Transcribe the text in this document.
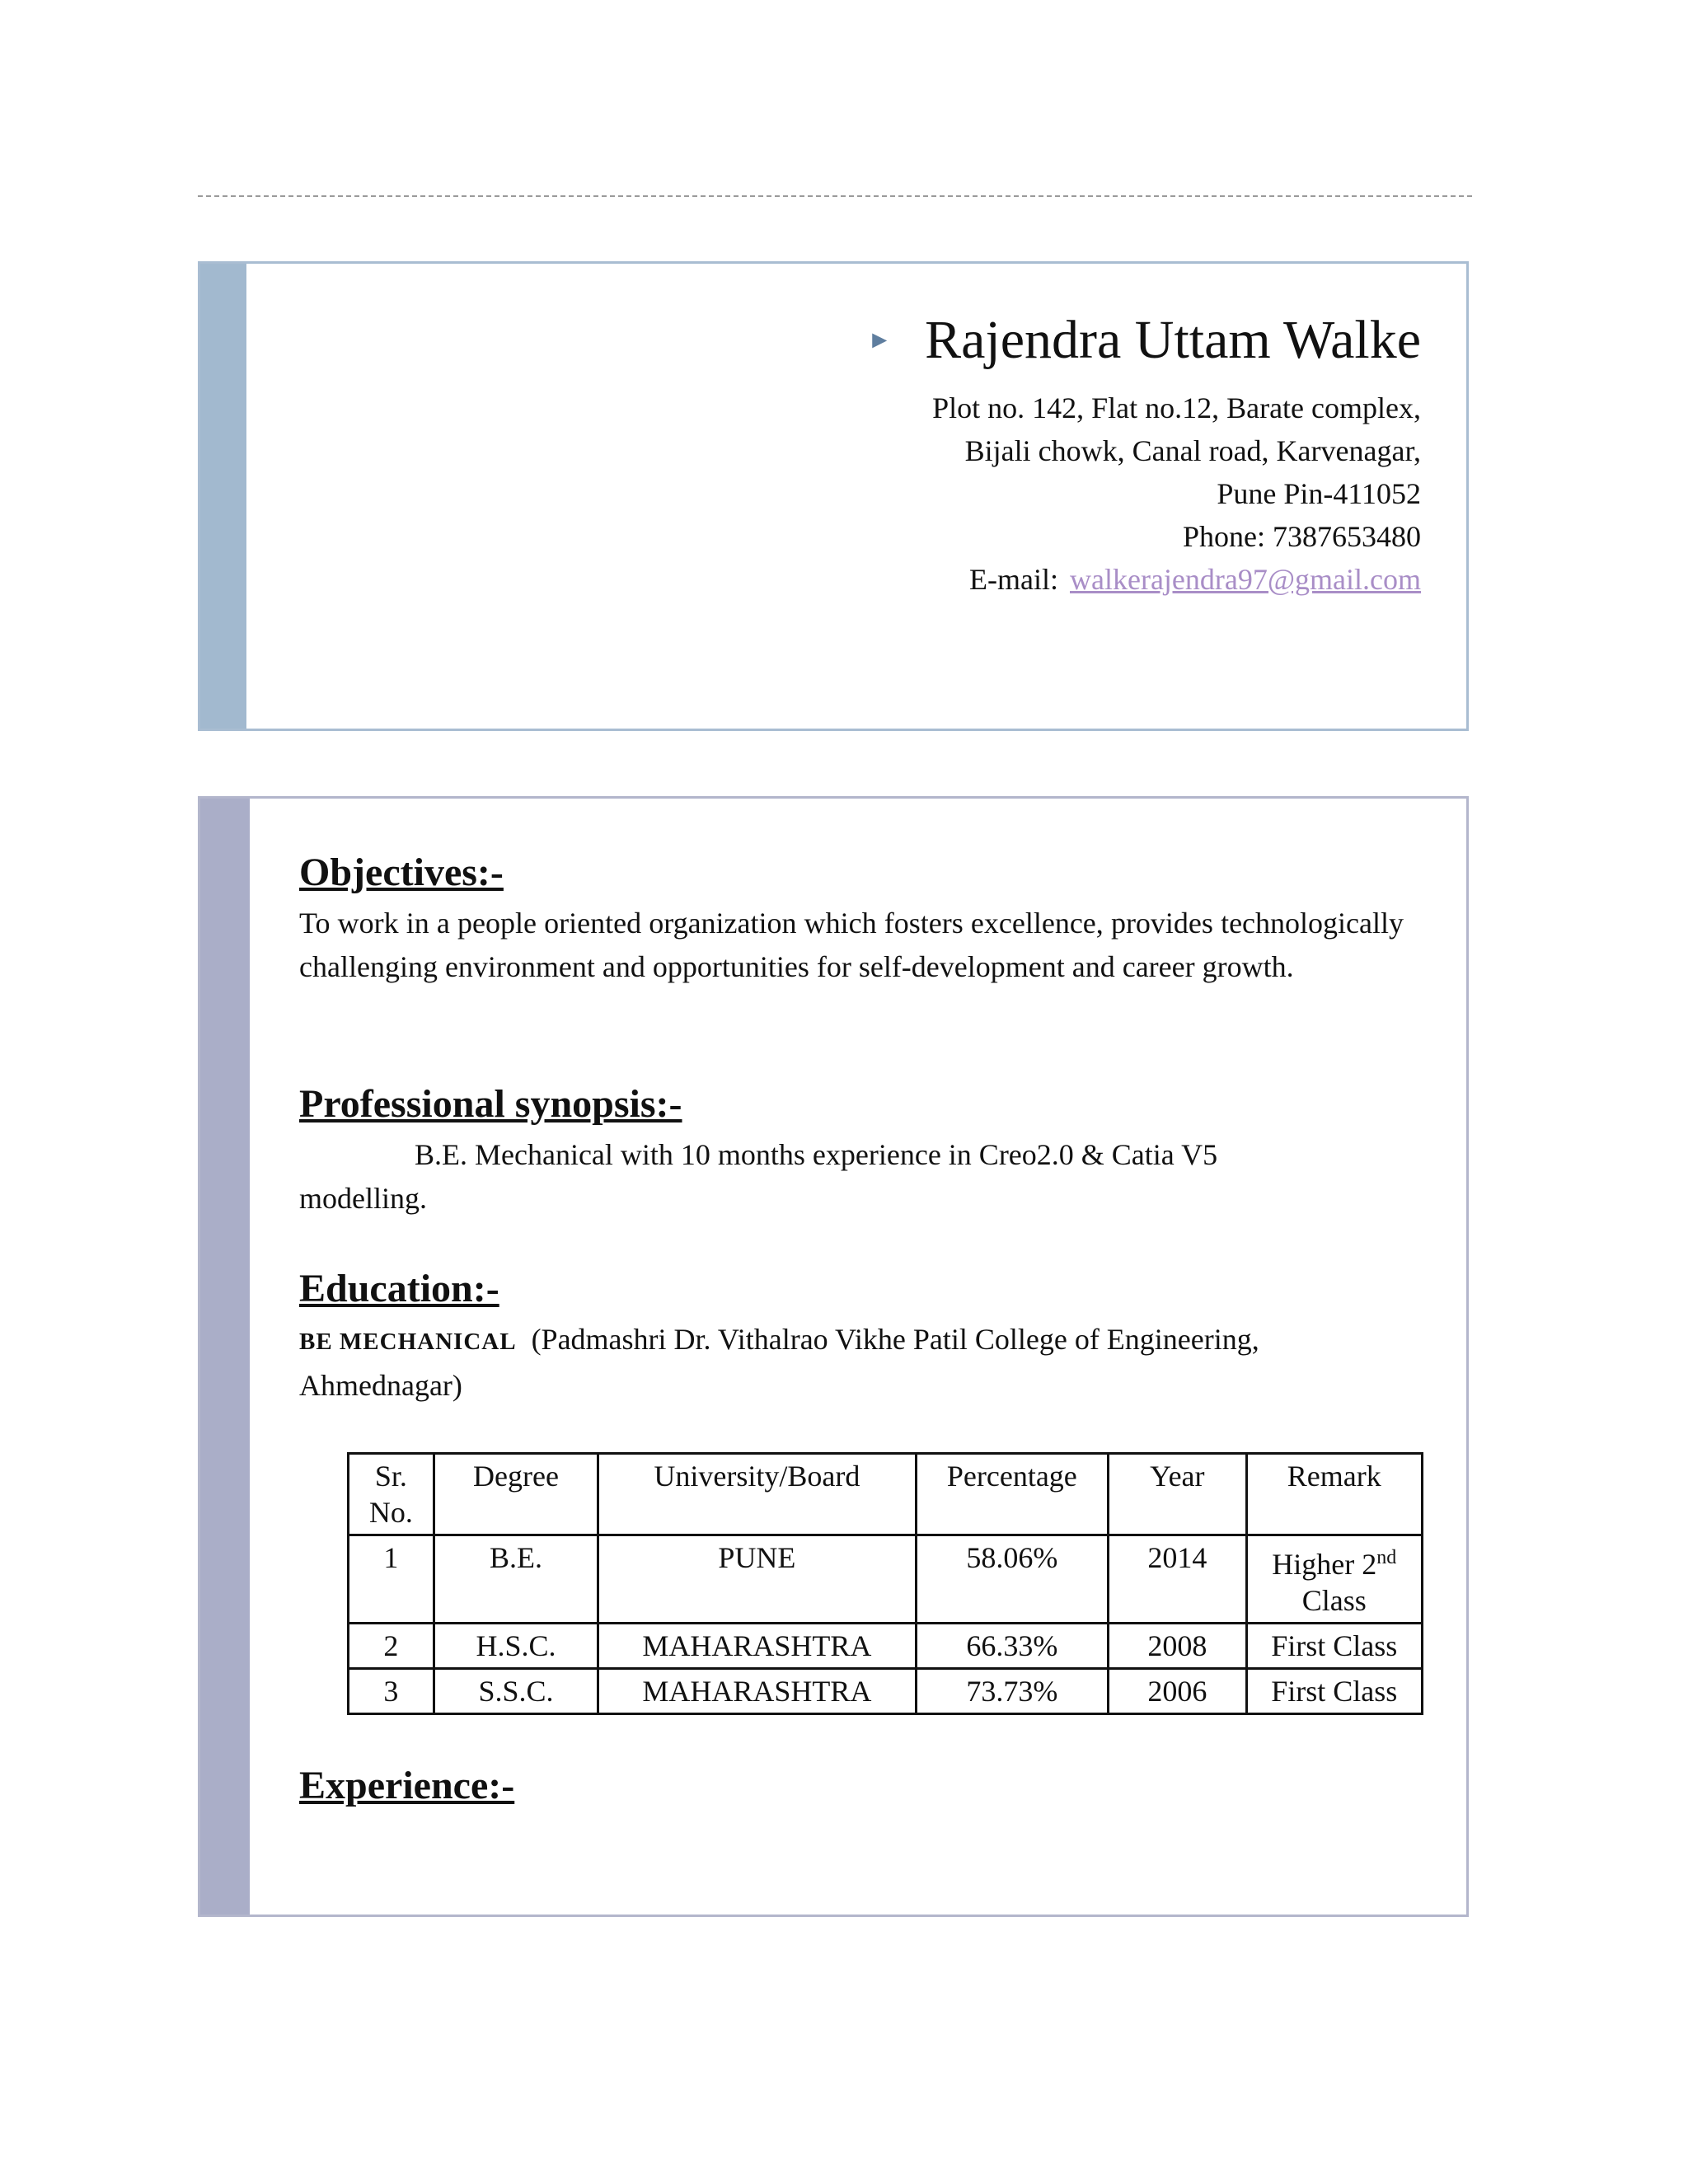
► Rajendra Uttam Walke
Plot no. 142, Flat no.12, Barate complex,
Bijali chowk, Canal road, Karvenagar,
Pune Pin-411052
Phone: 7387653480
E-mail: walkerajendra97@gmail.com
Objectives:-
To work in a people oriented organization which fosters excellence, provides technologically challenging environment and opportunities for self-development and career growth.
Professional synopsis:-
B.E. Mechanical with 10 months experience in Creo2.0 & Catia V5
modelling.
Education:-
BE MECHANICAL (Padmashri Dr. Vithalrao Vikhe Patil College of Engineering, Ahmednagar)
Sr. No.	Degree	University/Board	Percentage	Year	Remark
1	B.E.	PUNE	58.06%	2014	Higher 2nd
Class
2	H.S.C.	MAHARASHTRA	66.33%	2008	First Class
3	S.S.C.	MAHARASHTRA	73.73%	2006	First Class
Experience:-
